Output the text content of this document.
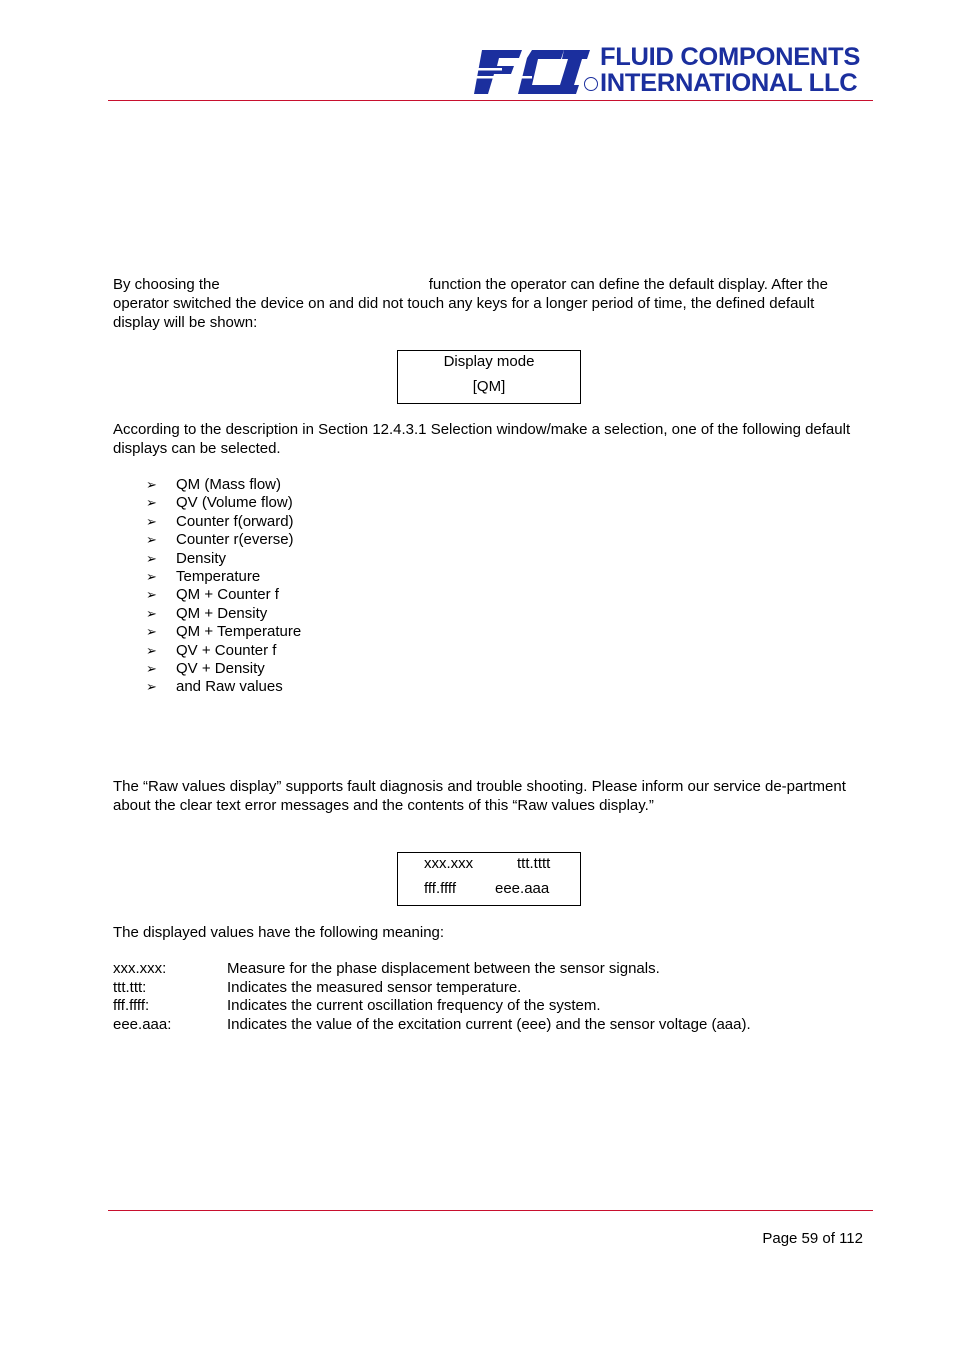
FLUID COMPONENTS
INTERNATIONAL LLC

By choosing the	function the operator can define the default display. After the operator switched the device on and did not touch any keys for a longer period of time, the defined default display will be shown:

Display mode
[QM]

According to the description in Section 12.4.3.1 Selection window/make a selection, one of the following default displays can be selected.

➢ QM (Mass flow)
➢ QV (Volume flow)
➢ Counter f(orward)
➢ Counter r(everse)
➢ Density
➢ Temperature
➢ QM + Counter f
➢ QM + Density
➢ QM + Temperature
➢ QV + Counter f
➢ QV + Density
➢ and Raw values

The “Raw values display” supports fault diagnosis and trouble shooting. Please inform our service de-partment about the clear text error messages and the contents of this “Raw values display.”

xxx.xxx	ttt.tttt
fff.ffff	eee.aaa

The displayed values have the following meaning:

xxx.xxx:	Measure for the phase displacement between the sensor signals.
ttt.ttt:	Indicates the measured sensor temperature.
fff.ffff:	Indicates the current oscillation frequency of the system.
eee.aaa:	Indicates the value of the excitation current (eee) and the sensor voltage (aaa).
Page 59 of 112
